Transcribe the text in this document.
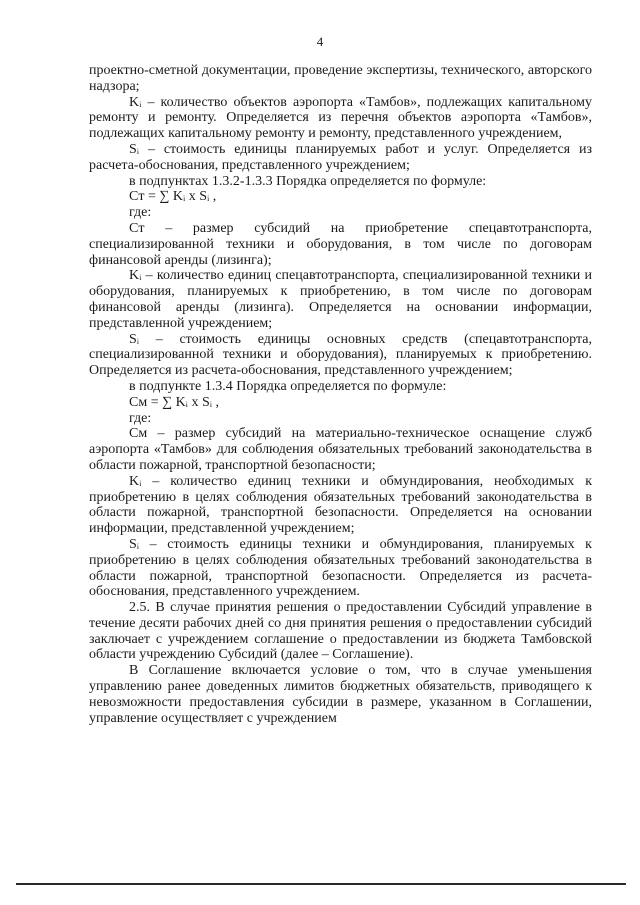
4

проектно-сметной документации, проведение экспертизы, технического, авторского надзора;

Kᵢ – количество объектов аэропорта «Тамбов», подлежащих капитальному ремонту и ремонту. Определяется из перечня объектов аэропорта «Тамбов», подлежащих капитальному ремонту и ремонту, представленного учреждением,

Sᵢ – стоимость единицы планируемых работ и услуг. Определяется из расчета-обоснования, представленного учреждением;

в подпунктах 1.3.2-1.3.3 Порядка определяется по формуле:

Cт = ∑ Kᵢ x Sᵢ ,

где:

Cт – размер субсидий на приобретение спецавтотранспорта, специализированной техники и оборудования, в том числе по договорам финансовой аренды (лизинга);

Kᵢ – количество единиц спецавтотранспорта, специализированной техники и оборудования, планируемых к приобретению, в том числе по договорам финансовой аренды (лизинга). Определяется на основании информации, представленной учреждением;

Sᵢ – стоимость единицы основных средств (спецавтотранспорта, специализированной техники и оборудования), планируемых к приобретению. Определяется из расчета-обоснования, представленного учреждением;

в подпункте 1.3.4 Порядка определяется по формуле:

Cм = ∑ Kᵢ x Sᵢ ,

где:

Cм – размер субсидий на материально-техническое оснащение служб аэропорта «Тамбов» для соблюдения обязательных требований законодательства в области пожарной, транспортной безопасности;

Kᵢ – количество единиц техники и обмундирования, необходимых к приобретению в целях соблюдения обязательных требований законодательства в области пожарной, транспортной безопасности. Определяется на основании информации, представленной учреждением;

Sᵢ – стоимость единицы техники и обмундирования, планируемых к приобретению в целях соблюдения обязательных требований законодательства в области пожарной, транспортной безопасности. Определяется из расчета-обоснования, представленного учреждением.

2.5. В случае принятия решения о предоставлении Субсидий управление в течение десяти рабочих дней со дня принятия решения о предоставлении субсидий заключает с учреждением соглашение о предоставлении из бюджета Тамбовской области учреждению Субсидий (далее – Соглашение).

В Соглашение включается условие о том, что в случае уменьшения управлению ранее доведенных лимитов бюджетных обязательств, приводящего к невозможности предоставления субсидии в размере, указанном в Соглашении, управление осуществляет с учреждением
